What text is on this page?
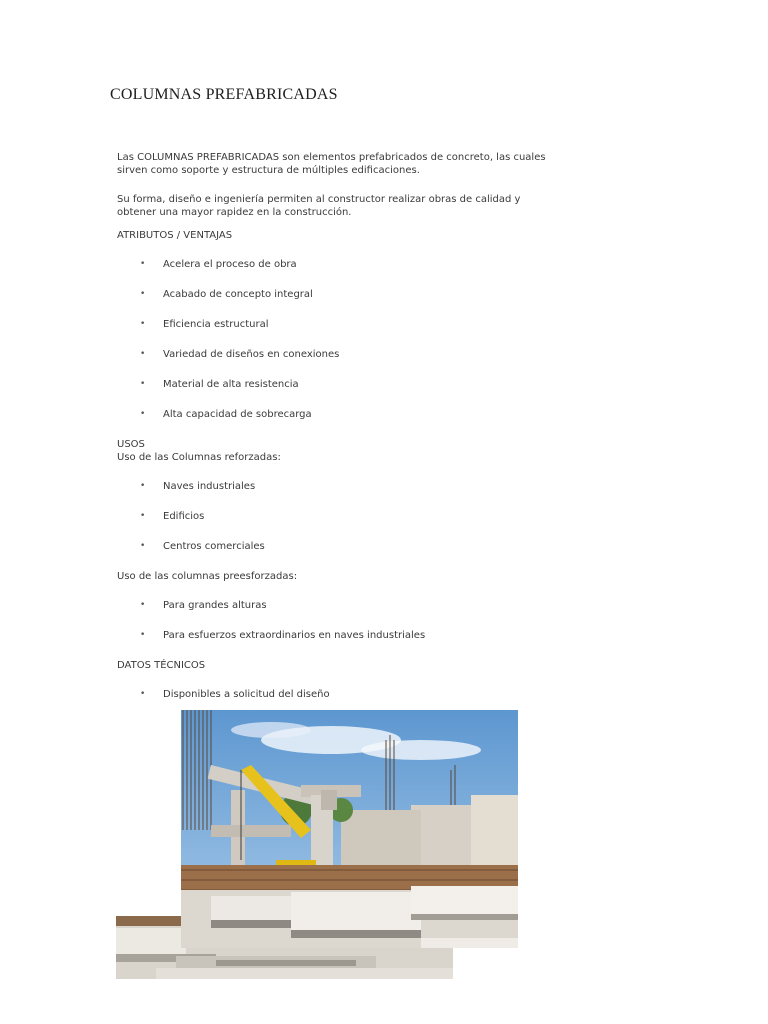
COLUMNAS PREFABRICADAS

Las COLUMNAS PREFABRICADAS son elementos prefabricados de concreto, las cuales sirven como soporte y estructura de múltiples edificaciones.

Su forma, diseño e ingeniería permiten al constructor realizar obras de calidad y obtener una mayor rapidez en la construcción.

ATRIBUTOS / VENTAJAS

• Acelera el proceso de obra
• Acabado de concepto integral
• Eficiencia estructural
• Variedad de diseños en conexiones
• Material de alta resistencia
• Alta capacidad de sobrecarga

USOS

Uso de las Columnas reforzadas:

• Naves industriales
• Edificios
• Centros comerciales

Uso de las columnas preesforzadas:

• Para grandes alturas
• Para esfuerzos extraordinarios en naves industriales

DATOS TÉCNICOS

• Disponibles a solicitud del diseño
